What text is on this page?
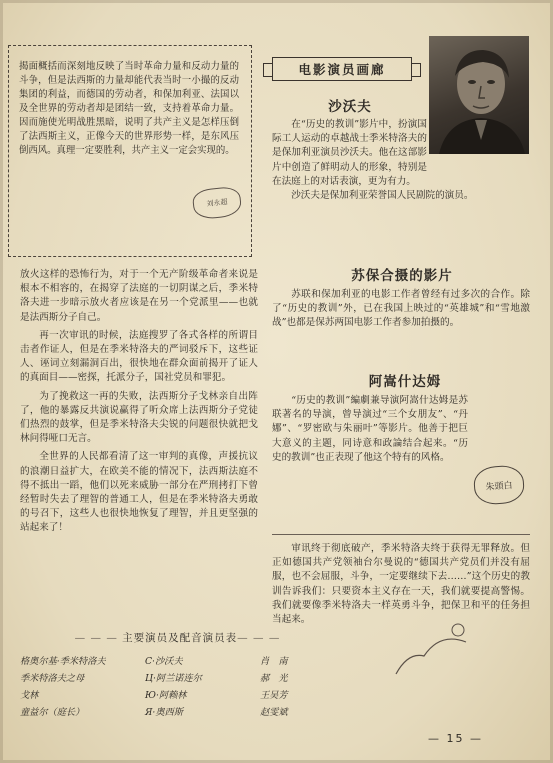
揭面概括而深刻地反映了当时革命力量和反动力量的斗争，但是法西斯的力量却能代表当时一小撮的反动集团的利益，而德国的劳动者，和保加利亚、法国以及全世界的劳动者却是团结一致，支持着革命力量。因而施使光明战胜黑暗，说明了共产主义是怎样压倒了法西斯主义，正像今天的世界形势一样，是东风压倒西风。真理一定要胜利，共产主义一定会实现的。

刘永超

放火这样的恐怖行为，对于一个无产阶级革命者来说是根本不相容的，在揭穿了法庭的一切阴谋之后，季米特洛夫进一步暗示放火者应该是在另一个党派里——也就是法西斯分子自己。

再一次审讯的时候，法庭搜罗了各式各样的所谓目击者作证人，但是在季米特洛夫的严词驳斥下，这些证人、诬词立刻漏洞百出，很快地在群众面前揭开了证人的真面目——密探，托派分子，国社党员和罪犯。

为了挽救这一再的失败，法西斯分子戈林亲自出阵了，他的暴露反共演说赢得了听众席上法西斯分子党徒们热烈的鼓掌，但是季米特洛夫尖锐的问题很快就把戈林问得哑口无言。

全世界的人民都看清了这一审判的真像，声援抗议的浪潮日益扩大，在欧美不能的情况下，法西斯法庭不得不抵出一蹈，他们以死来威胁一部分在严刑拷打下曾经暂时失去了理智的普通工人，但是在季米特洛夫勇敢的号召下，这些人也很快地恢复了理智，并且更坚强的站起来了！

— — — 主要演员及配音演员表 — — —
格奥尔基·季米特洛夫	C·沙沃夫	肖　南
季米特洛夫之母	Ц·阿兰诺连尔	郝　光
戈林	Ю·阿赖林	王吴芳
童益尔（庭长）	Я·奥西斯	赵雯斌
电影演员画廊
沙沃夫

在“历史的教训”影片中，扮演国际工人运动的卓越战士季米特洛夫的是保加利亚演员沙沃夫。他在这部影片中创造了鲜明动人的形象，特别是在法庭上的对话表演，更为有力。

沙沃夫是保加利亚荣誉国人民剧院的演员。

苏保合摄的影片

苏联和保加利亚的电影工作者曾经有过多次的合作。除了“历史的教训”外，已在我国上映过的“英雄城”和“雪地激战”也都是保苏两国电影工作者参加拍摄的。

阿嵩什达姆

“历史的教训”編劇兼导演阿嵩什达姆是苏联著名的导演，曾导演过“三个女朋友”、“丹娜”、“罗密欧与朱丽叶”等影片。他善于把巨大意义的主题，同诗意和政論结合起来。“历史的教训”也正表现了他这个特有的风格。

朱頭白

审讯终于彻底破产，季米特洛夫终于获得无罪释放。但正如德国共产党领袖台尔曼说的“德国共产党员们并没有屈服，也不会屈服，斗争，一定要继续下去……”这个历史的教训告诉我们：只要资本主义存在一天，我们就要提高警惕。我们就要像季米特洛夫一样英勇斗争，把保卫和平的任务担当起来。

— 15 —
